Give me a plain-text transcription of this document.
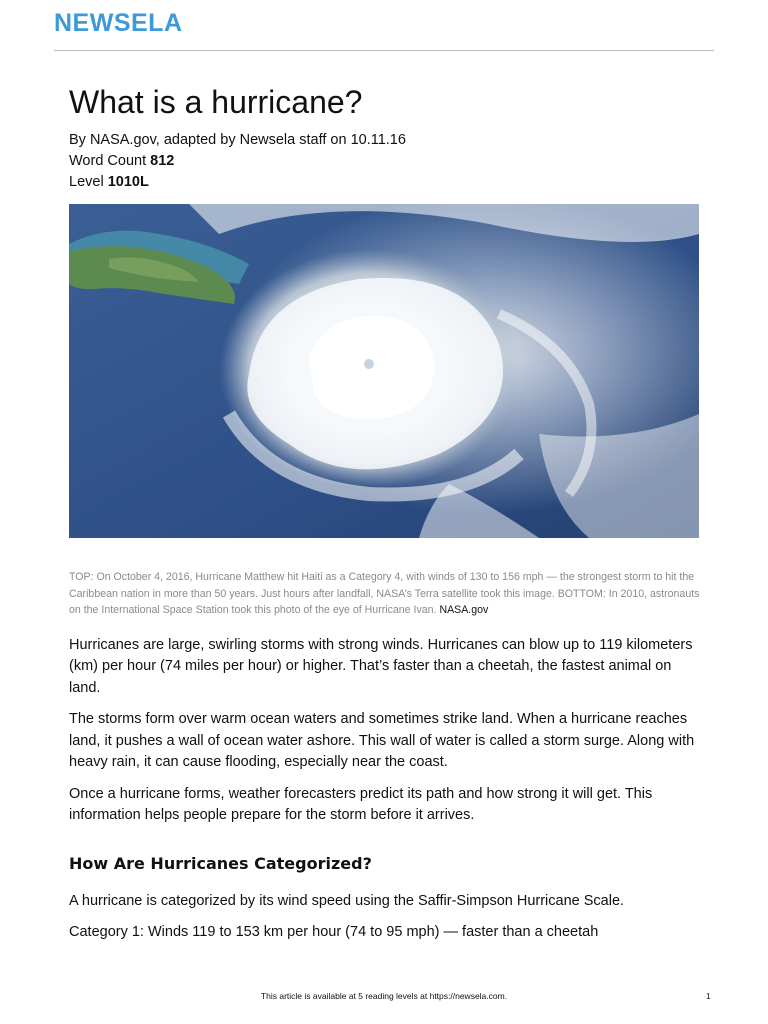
NEWSELA
What is a hurricane?
By NASA.gov, adapted by Newsela staff on 10.11.16
Word Count 812
Level 1010L
TOP: On October 4, 2016, Hurricane Matthew hit Haiti as a Category 4, with winds of 130 to 156 mph — the strongest storm to hit the Caribbean nation in more than 50 years. Just hours after landfall, NASA’s Terra satellite took this image. BOTTOM: In 2010, astronauts on the International Space Station took this photo of the eye of Hurricane Ivan. NASA.gov

Hurricanes are large, swirling storms with strong winds. Hurricanes can blow up to 119 kilometers (km) per hour (74 miles per hour) or higher. That’s faster than a cheetah, the fastest animal on land.

The storms form over warm ocean waters and sometimes strike land. When a hurricane reaches land, it pushes a wall of ocean water ashore. This wall of water is called a storm surge. Along with heavy rain, it can cause flooding, especially near the coast.

Once a hurricane forms, weather forecasters predict its path and how strong it will get. This information helps people prepare for the storm before it arrives.

How Are Hurricanes Categorized?

A hurricane is categorized by its wind speed using the Saffir-Simpson Hurricane Scale.

Category 1: Winds 119 to 153 km per hour (74 to 95 mph) — faster than a cheetah

This article is available at 5 reading levels at https://newsela.com.	1
